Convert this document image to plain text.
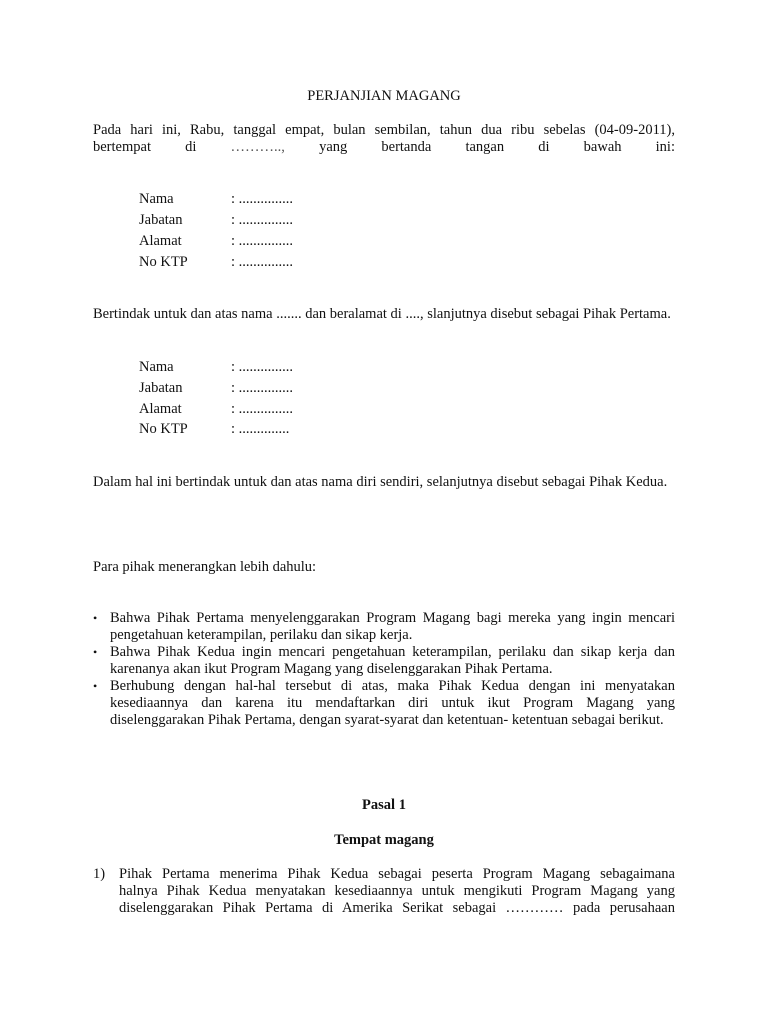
PERJANJIAN MAGANG
Pada hari ini, Rabu, tanggal empat, bulan sembilan, tahun dua ribu sebelas (04-09-2011),
bertempat di ……….., yang bertanda tangan di bawah ini:
Nama	: ...............
Jabatan	: ...............
Alamat	: ...............
No KTP	: ...............
Bertindak untuk dan atas nama ....... dan beralamat di ...., slanjutnya disebut sebagai Pihak Pertama.
Nama	: ...............
Jabatan	: ...............
Alamat	: ...............
No KTP	: ..............
Dalam hal ini bertindak untuk dan atas nama diri sendiri, selanjutnya disebut sebagai Pihak Kedua.
Para pihak menerangkan lebih dahulu:
• Bahwa Pihak Pertama menyelenggarakan Program Magang bagi mereka yang ingin mencari pengetahuan keterampilan, perilaku dan sikap kerja.
• Bahwa Pihak Kedua ingin mencari pengetahuan keterampilan, perilaku dan sikap kerja dan karenanya akan ikut Program Magang yang diselenggarakan Pihak Pertama.
• Berhubung dengan hal-hal tersebut di atas, maka Pihak Kedua dengan ini menyatakan kesediaannya dan karena itu mendaftarkan diri untuk ikut Program Magang yang diselenggarakan Pihak Pertama, dengan syarat-syarat dan ketentuan- ketentuan sebagai berikut.
Pasal 1
Tempat magang
1) Pihak Pertama menerima Pihak Kedua sebagai peserta Program Magang sebagaimana
halnya Pihak Kedua menyatakan kesediaannya untuk mengikuti Program Magang yang
diselenggarakan Pihak Pertama di Amerika Serikat sebagai ………… pada perusahaan
